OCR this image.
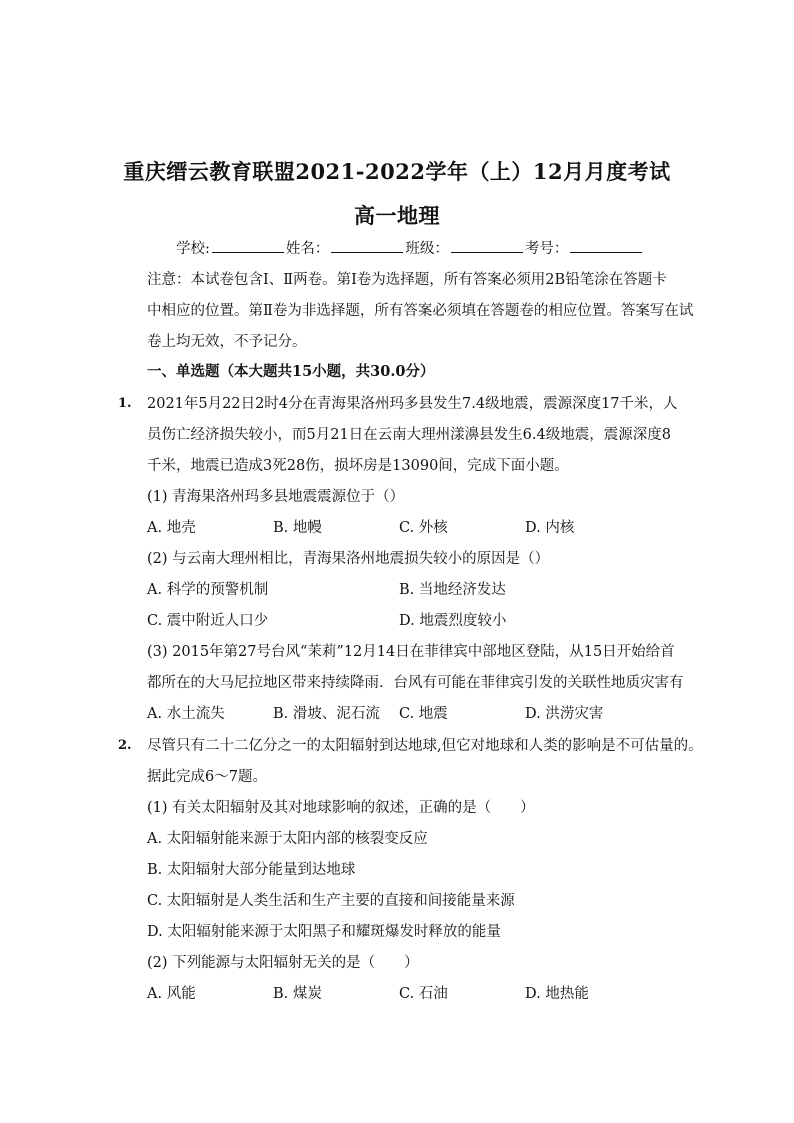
重庆缙云教育联盟2021-2022学年（上）12月月度考试
高一地理
学校:	姓名：	班级：	考号：
注意：本试卷包含Ⅰ、Ⅱ两卷。第Ⅰ卷为选择题，所有答案必须用2B铅笔涂在答题卡
中相应的位置。第Ⅱ卷为非选择题，所有答案必须填在答题卷的相应位置。答案写在试
卷上均无效，不予记分。
一、单选题（本大题共15小题，共30.0分）
1. 2021年5月22日2时4分在青海果洛州玛多县发生7.4级地震，震源深度17千米，人
员伤亡经济损失较小，而5月21日在云南大理州漾濞县发生6.4级地震，震源深度8
千米，地震已造成3死28伤，损坏房是13090间，完成下面小题。
(1) 青海果洛州玛多县地震震源位于（）
A. 地壳	B. 地幔	C. 外核	D. 内核
(2) 与云南大理州相比，青海果洛州地震损失较小的原因是（）
A. 科学的预警机制	B. 当地经济发达
C. 震中附近人口少	D. 地震烈度较小
(3) 2015年第27号台风“茉莉”12月14日在菲律宾中部地区登陆，从15日开始给首
都所在的大马尼拉地区带来持续降雨．台风有可能在菲律宾引发的关联性地质灾害有
A. 水土流失	B. 滑坡、泥石流 C. 地震	D. 洪涝灾害
2. 尽管只有二十二亿分之一的太阳辐射到达地球,但它对地球和人类的影响是不可估量的。
据此完成6～7题。
(1) 有关太阳辐射及其对地球影响的叙述，正确的是（　　）
A. 太阳辐射能来源于太阳内部的核裂变反应
B. 太阳辐射大部分能量到达地球
C. 太阳辐射是人类生活和生产主要的直接和间接能量来源
D. 太阳辐射能来源于太阳黑子和耀斑爆发时释放的能量
(2) 下列能源与太阳辐射无关的是（　　）
A. 风能	B. 煤炭	C. 石油	D. 地热能
